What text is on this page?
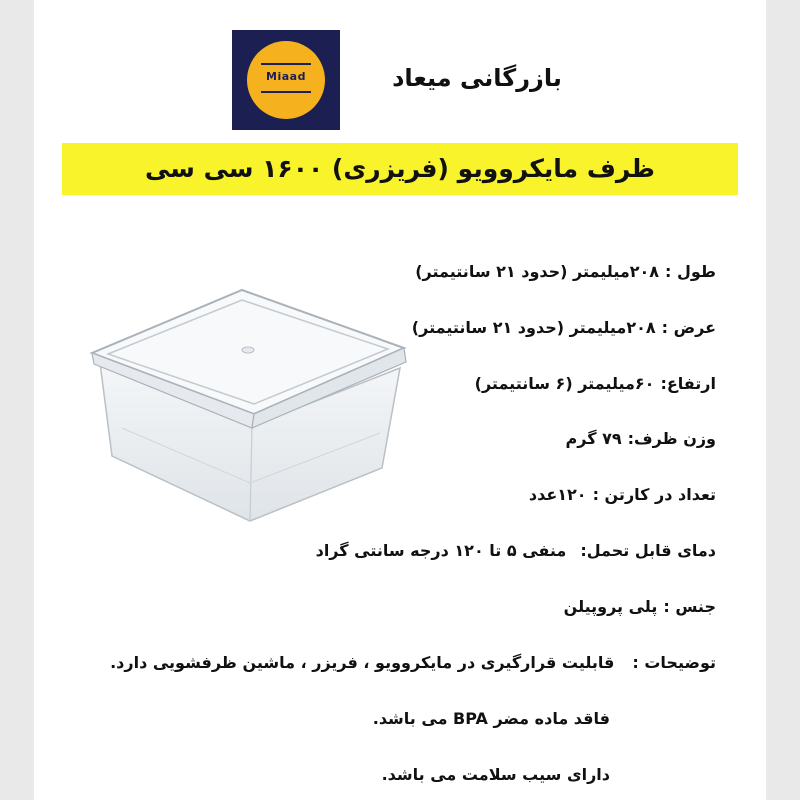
Miaad	بازرگانی میعاد
ظرف مایکروویو (فریزری) ۱۶۰۰ سی سی
طول :۲۰۸میلیمتر (حدود ۲۱ سانتیمتر)
عرض :۲۰۸میلیمتر (حدود ۲۱ سانتیمتر)
ارتفاع:۶۰میلیمتر (۶ سانتیمتر)
وزن ظرف:۷۹ گرم
تعداد در کارتن :۱۲۰عدد
دمای قابل تحمل:منفی ۵ تا ۱۲۰ درجه سانتی گراد
جنس :پلی پروپیلن
توضیحات :قابلیت قرارگیری در مایکروویو ، فریزر ، ماشین ظرفشویی دارد.
فاقد ماده مضر BPA می باشد.
دارای سیب سلامت می باشد.
